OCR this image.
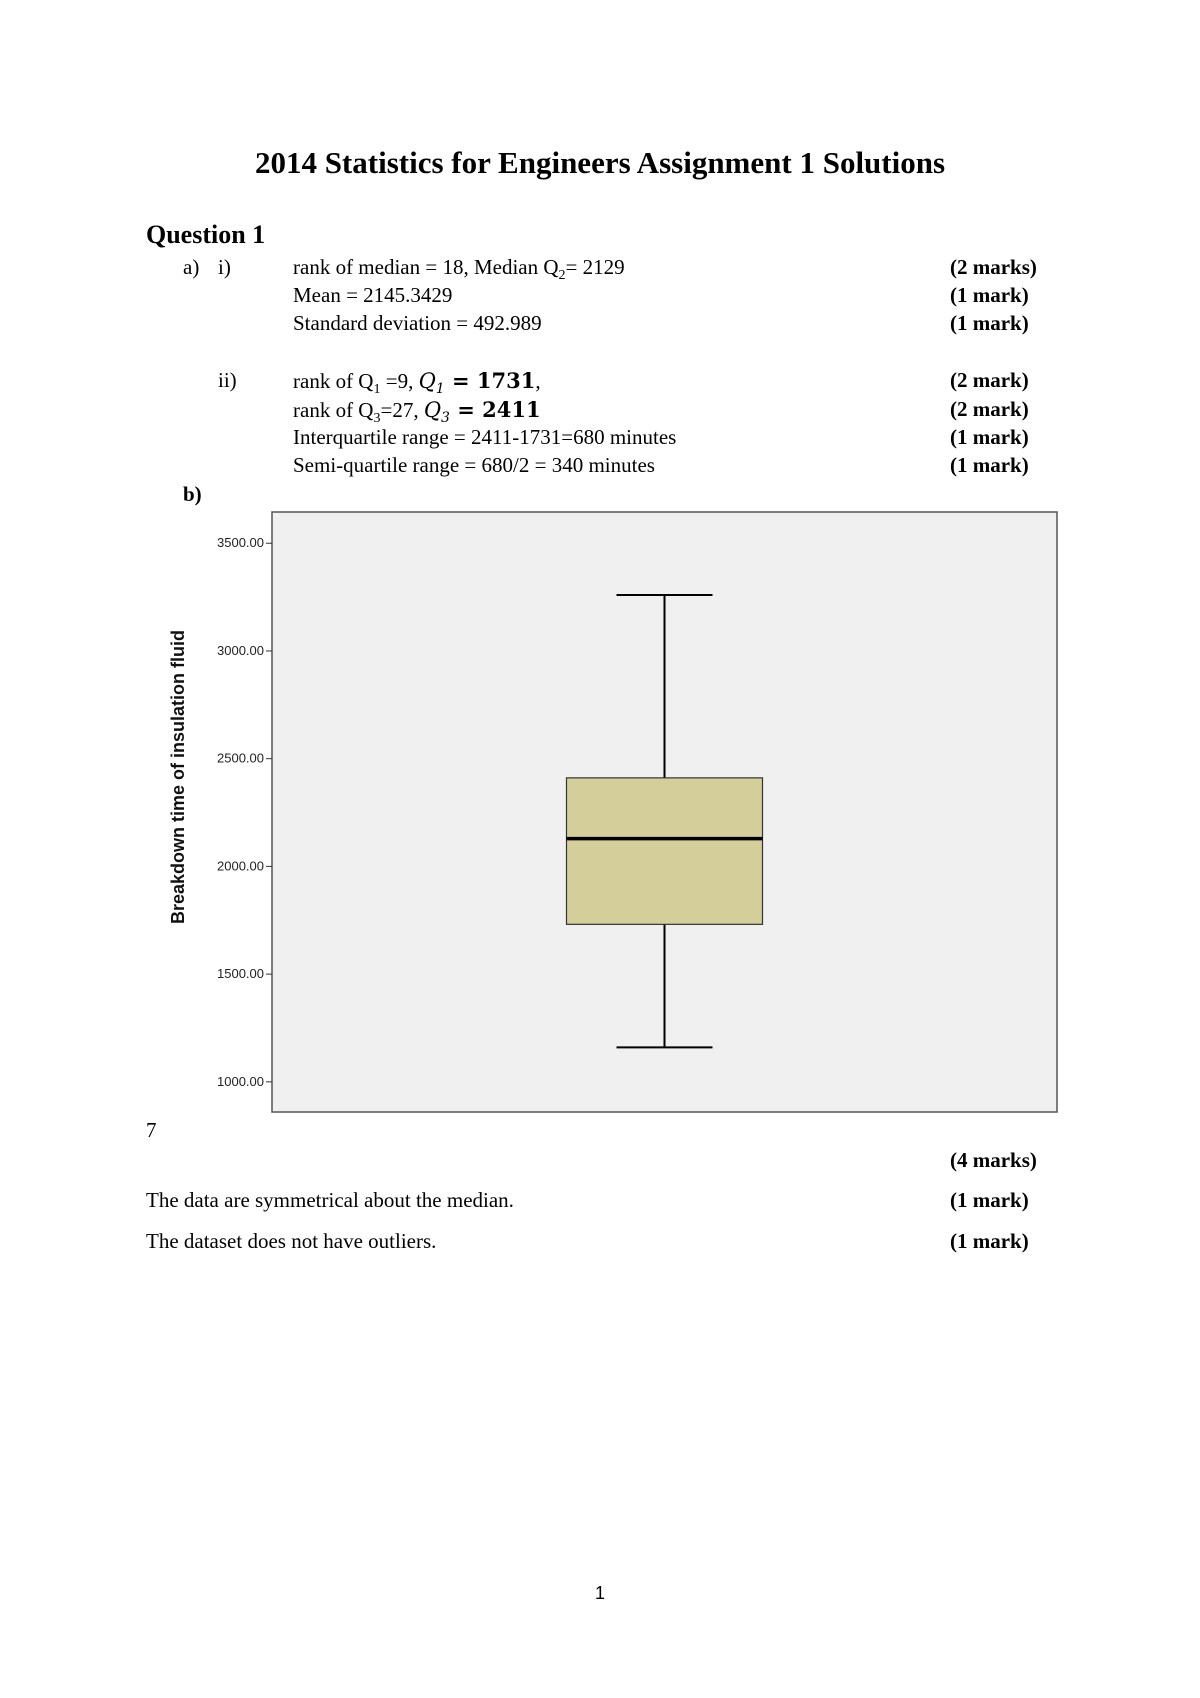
2014 Statistics for Engineers Assignment 1 Solutions
Question 1
a) i)	rank of median = 18, Median $Q_2= 2129$	(2 marks)
Mean = 2145.3429	(1 mark)
Standard deviation = 492.989	(1 mark)
ii)	rank of $Q_1 =9$, $Q_1 = 1731$,	(2 mark)
rank of $Q_3=27$, $Q_3 = 2411$	(2 mark)
Interquartile range = 2411-1731=680 minutes	(1 mark)
Semi-quartile range = 680/2 = 340 minutes	(1 mark)
b)
1000.00
1500.00
2000.00
2500.00
3000.00
3500.00
Breakdown time of insulation fluid
7
(4 marks)
The data are symmetrical about the median.	(1 mark)
The dataset does not have outliers.	(1 mark)
1
